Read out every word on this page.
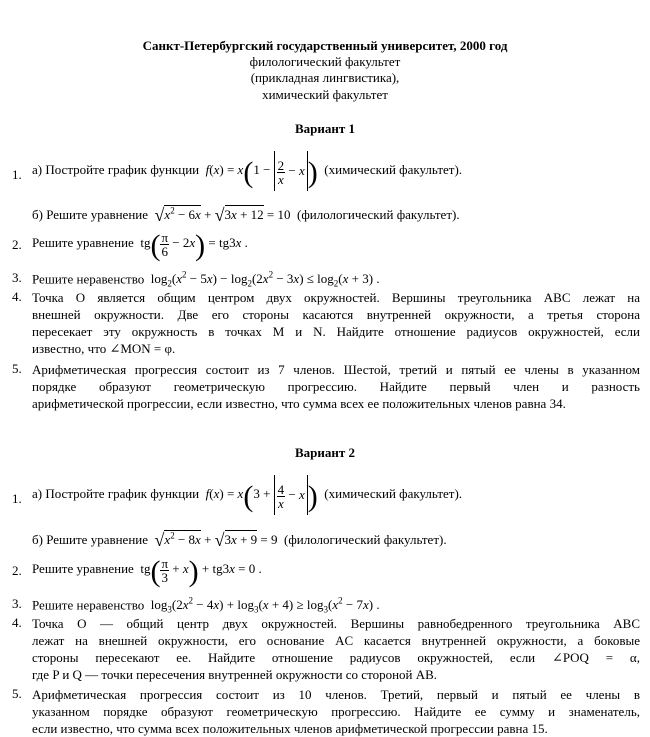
Санкт-Петербургский государственный университет, 2000 год
филологический факультет
(прикладная лингвистика),
химический факультет
Вариант 1
1. а) Постройте график функции $f(x) = x(1 - \frac{2}{x} - x$ ) (химический факультет).
б) Решите уравнение $√x^2 - 6x + √3x + 12 = 10$ (филологический факультет).
2. Решите уравнение $tg( \frac{\pi}{6} - 2x) = tg3x$ .
3. Решите неравенство $\log_2(x^2 - 5x) - \log_2(2x^2 - 3x) \le \log_2(x + 3)$ .
4. Точка O является общим центром двух окружностей. Вершины треугольника ABC лежат на
внешней окружности. Две его стороны касаются внутренней окружности, а третья сторона
пересекает эту окружность в точках M и N. Найдите отношение радиусов окружностей, если
известно, что ∠MON = φ.
5. Арифметическая прогрессия состоит из 7 членов. Шестой, третий и пятый ее члены в указанном
порядке образуют геометрическую прогрессию. Найдите первый член и разность
арифметической прогрессии, если известно, что сумма всех ее положительных членов равна 34.
Вариант 2
1. а) Постройте график функции $f(x) = x(3 + \frac{4}{x} - x$ ) (химический факультет).
б) Решите уравнение $√x^2 - 8x + √3x + 9 = 9$ (филологический факультет).
2. Решите уравнение $tg( \frac{\pi}{3} + x) + tg3x = 0$ .
3. Решите неравенство $\log_3(2x^2 - 4x) + \log_3(x + 4) \ge \log_3(x^2 - 7x)$ .
4. Точка O — общий центр двух окружностей. Вершины равнобедренного треугольника ABC
лежат на внешней окружности, его основание AC касается внутренней окружности, а боковые
стороны пересекают ее. Найдите отношение радиусов окружностей, если ∠POQ = α,
где P и Q — точки пересечения внутренней окружности со стороной AB.
5. Арифметическая прогрессия состоит из 10 членов. Третий, первый и пятый ее члены в
указанном порядке образуют геометрическую прогрессию. Найдите ее сумму и знаменатель,
если известно, что сумма всех положительных членов арифметической прогрессии равна 15.
